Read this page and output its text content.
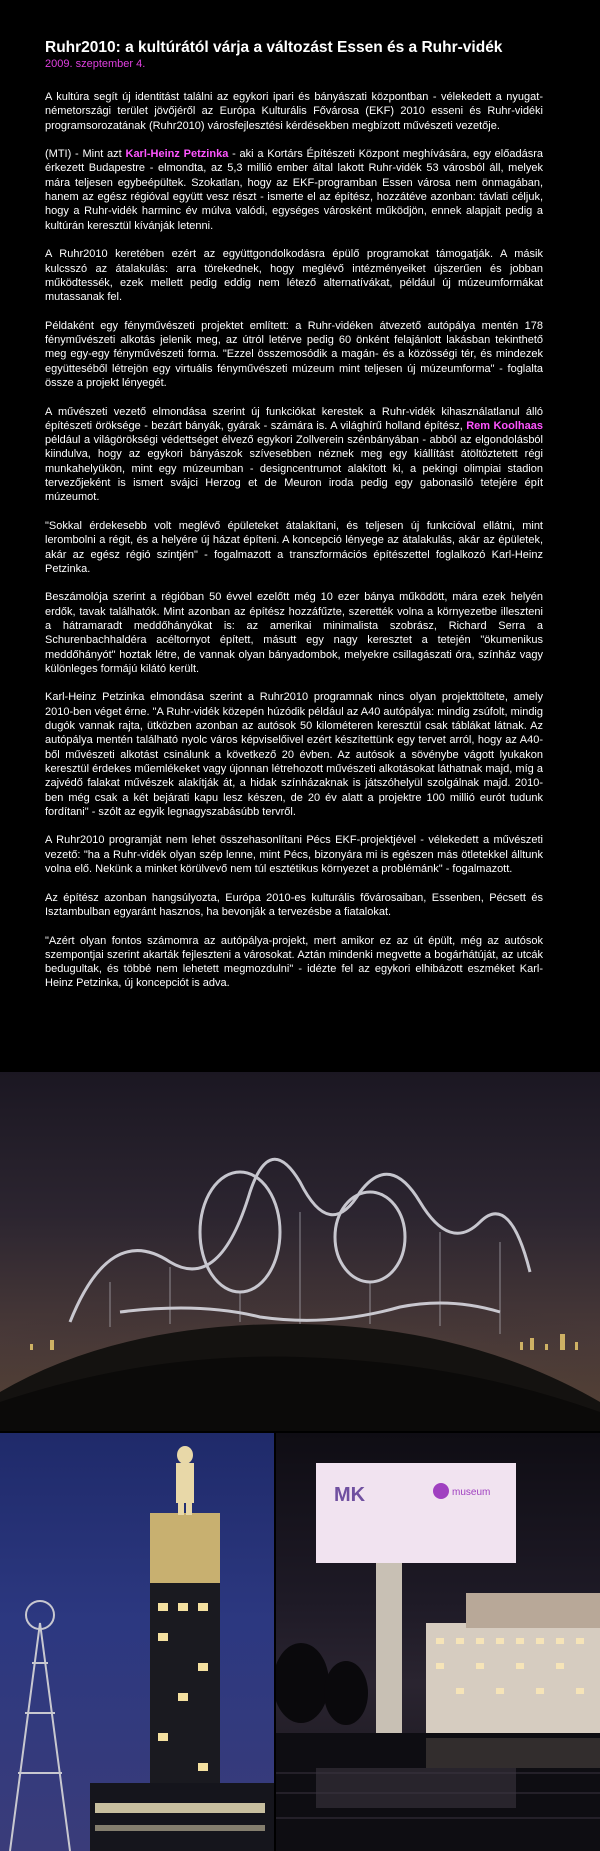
Ruhr2010: a kultúrától várja a változást Essen és a Ruhr-vidék
2009. szeptember 4.

A kultúra segít új identitást találni az egykori ipari és bányászati központban - vélekedett a nyugat-németországi terület jövőjéről az Európa Kulturális Fővárosa (EKF) 2010 esseni és Ruhr-vidéki programsorozatának (Ruhr2010) városfejlesztési kérdésekben megbízott művészeti vezetője.

(MTI) - Mint azt Karl-Heinz Petzinka - aki a Kortárs Építészeti Központ meghívására, egy előadásra érkezett Budapestre - elmondta, az 5,3 millió ember által lakott Ruhr-vidék 53 városból áll, melyek mára teljesen egybeépültek. Szokatlan, hogy az EKF-programban Essen városa nem önmagában, hanem az egész régióval együtt vesz részt - ismerte el az építész, hozzátéve azonban: távlati céljuk, hogy a Ruhr-vidék harminc év múlva valódi, egységes városként működjön, ennek alapjait pedig a kultúrán keresztül kívánják letenni.

A Ruhr2010 keretében ezért az együttgondolkodásra épülő programokat támogatják. A másik kulcsszó az átalakulás: arra törekednek, hogy meglévő intézményeiket újszerűen és jobban működtessék, ezek mellett pedig eddig nem létező alternatívákat, például új múzeumformákat mutassanak fel.

Példaként egy fényművészeti projektet említett: a Ruhr-vidéken átvezető autópálya mentén 178 fényművészeti alkotás jelenik meg, az útról letérve pedig 60 önként felajánlott lakásban tekinthető meg egy-egy fényművészeti forma. "Ezzel összemosódik a magán- és a közösségi tér, és mindezek együtteséből létrejön egy virtuális fényművészeti múzeum mint teljesen új múzeumforma" - foglalta össze a projekt lényegét.

A művészeti vezető elmondása szerint új funkciókat kerestek a Ruhr-vidék kihasználatlanul álló építészeti öröksége - bezárt bányák, gyárak - számára is. A világhírű holland építész, Rem Koolhaas például a világörökségi védettséget élvező egykori Zollverein szénbányában - abból az elgondolásból kiindulva, hogy az egykori bányászok szívesebben néznek meg egy kiállítást átöltöztetett régi munkahelyükön, mint egy múzeumban - designcentrumot alakított ki, a pekingi olimpiai stadion tervezőjeként is ismert svájci Herzog et de Meuron iroda pedig egy gabonasiló tetejére épít múzeumot.

"Sokkal érdekesebb volt meglévő épületeket átalakítani, és teljesen új funkcióval ellátni, mint lerombolni a régit, és a helyére új házat építeni. A koncepció lényege az átalakulás, akár az épületek, akár az egész régió szintjén" - fogalmazott a transzformációs építészettel foglalkozó Karl-Heinz Petzinka.

Beszámolója szerint a régióban 50 évvel ezelőtt még 10 ezer bánya működött, mára ezek helyén erdők, tavak találhatók. Mint azonban az építész hozzáfűzte, szerették volna a környezetbe illeszteni a hátramaradt meddőhányókat is: az amerikai minimalista szobrász, Richard Serra a Schurenbachhaldéra acéltornyot épített, másutt egy nagy keresztet a tetején "ökumenikus meddőhányót" hoztak létre, de vannak olyan bányadombok, melyekre csillagászati óra, színház vagy különleges formájú kilátó került.

Karl-Heinz Petzinka elmondása szerint a Ruhr2010 programnak nincs olyan projekttöltete, amely 2010-ben véget érne. "A Ruhr-vidék közepén húzódik például az A40 autópálya: mindig zsúfolt, mindig dugók vannak rajta, ütközben azonban az autósok 50 kilométeren keresztül csak táblákat látnak. Az autópálya mentén található nyolc város képviselőivel ezért készítettünk egy tervet arról, hogy az A40-ből művészeti alkotást csinálunk a következő 20 évben. Az autósok a sövénybe vágott lyukakon keresztül érdekes műemlékeket vagy újonnan létrehozott művészeti alkotásokat láthatnak majd, míg a zajvédő falakat művészek alakítják át, a hidak színházaknak is játszóhelyül szolgálnak majd. 2010-ben még csak a két bejárati kapu lesz készen, de 20 év alatt a projektre 100 millió eurót tudunk fordítani" - szólt az egyik legnagyszabásúbb tervről.

A Ruhr2010 programját nem lehet összehasonlítani Pécs EKF-projektjével - vélekedett a művészeti vezető: "ha a Ruhr-vidék olyan szép lenne, mint Pécs, bizonyára mi is egészen más ötletekkel álltunk volna elő. Nekünk a minket körülvevő nem túl esztétikus környezet a problémánk" - fogalmazott.

Az építész azonban hangsúlyozta, Európa 2010-es kulturális fővárosaiban, Essenben, Pécsett és Isztambulban egyaránt hasznos, ha bevonják a tervezésbe a fiatalokat.

"Azért olyan fontos számomra az autópálya-projekt, mert amikor ez az út épült, még az autósok szempontjai szerint akarták fejleszteni a városokat. Aztán mindenki megvette a bogárhátúját, az utcák bedugultak, és többé nem lehetett megmozdulni" - idézte fel az egykori elhibázott eszméket Karl-Heinz Petzinka, új koncepciót is adva.

MK	museum
